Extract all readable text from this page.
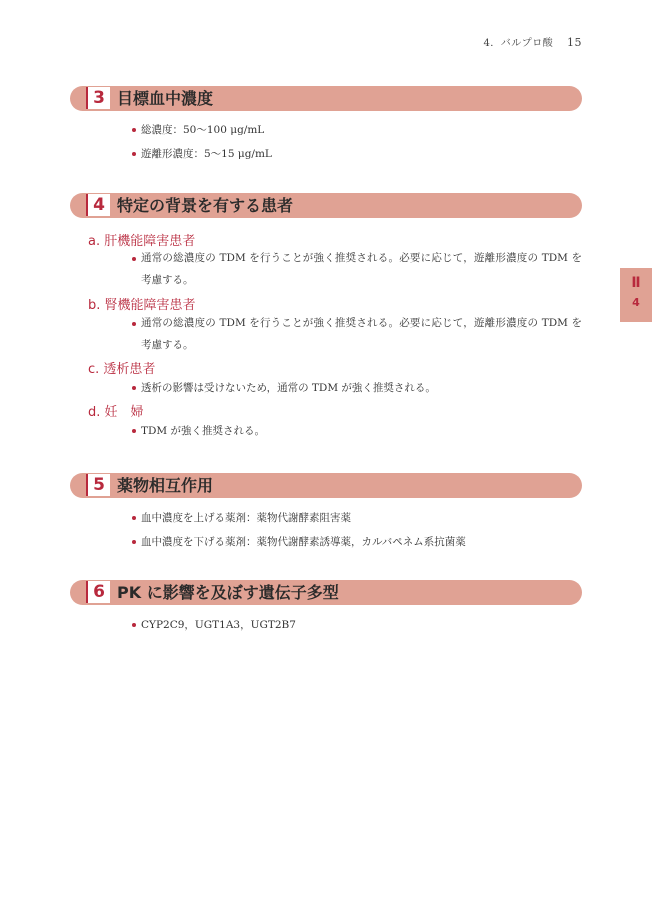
4．バルプロ酸 15
Ⅱ
4
3 目標血中濃度
総濃度：50～100 μg/mL
遊離形濃度：5～15 μg/mL
4 特定の背景を有する患者
a. 肝機能障害患者
通常の総濃度の TDM を行うことが強く推奨される。必要に応じて，遊離形濃度の TDM を考慮する。
b. 腎機能障害患者
通常の総濃度の TDM を行うことが強く推奨される。必要に応じて，遊離形濃度の TDM を考慮する。
c. 透析患者
透析の影響は受けないため，通常の TDM が強く推奨される。
d. 妊　婦
TDM が強く推奨される。
5 薬物相互作用
血中濃度を上げる薬剤：薬物代謝酵素阻害薬
血中濃度を下げる薬剤：薬物代謝酵素誘導薬，カルバペネム系抗菌薬
6 PK に影響を及ぼす遺伝子多型
CYP2C9，UGT1A3，UGT2B7
